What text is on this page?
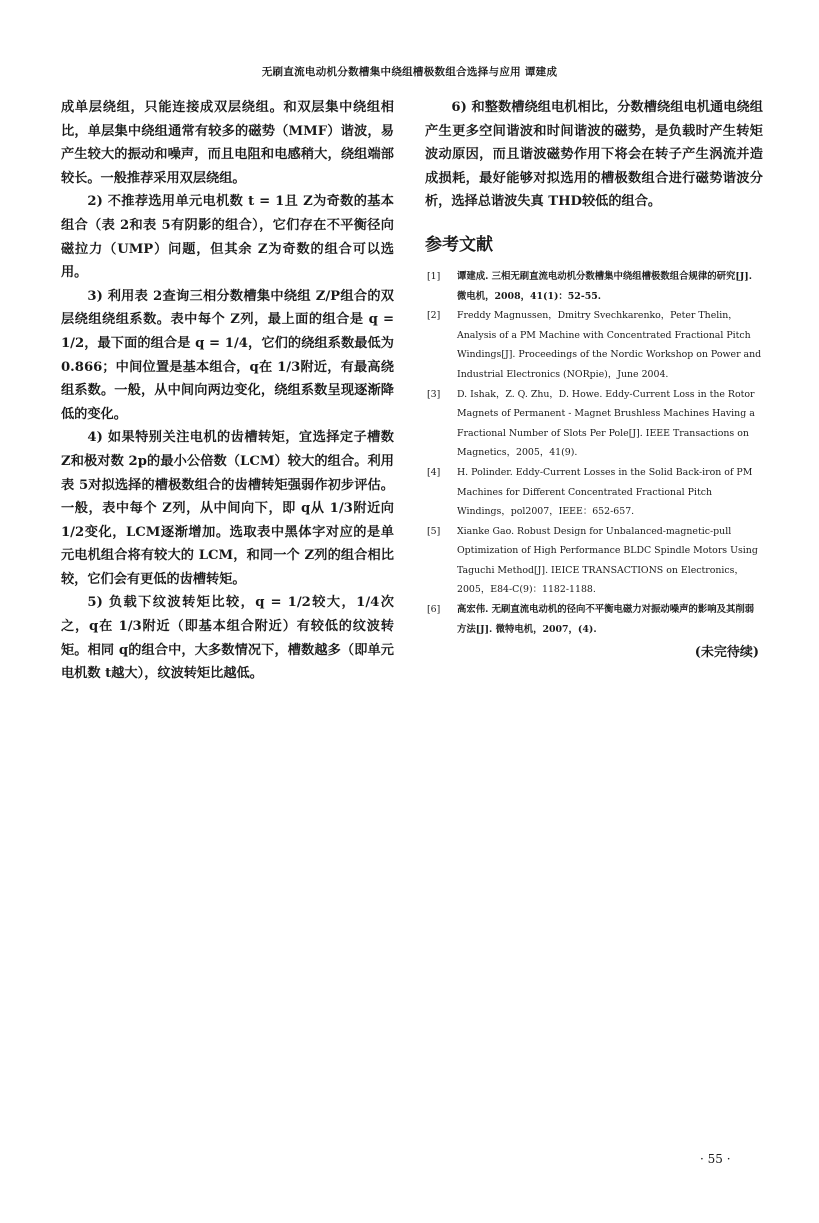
无刷直流电动机分数槽集中绕组槽极数组合选择与应用 谭建成

成单层绕组，只能连接成双层绕组。和双层集中绕组相比，单层集中绕组通常有较多的磁势（MMF）谐波，易产生较大的振动和噪声，而且电阻和电感稍大，绕组端部较长。一般推荐采用双层绕组。

2) 不推荐选用单元电机数 t = 1且 Z为奇数的基本组合（表 2和表 5有阴影的组合），它们存在不平衡径向磁拉力（UMP）问题，但其余 Z为奇数的组合可以选用。

3) 利用表 2查询三相分数槽集中绕组 Z/P组合的双层绕组绕组系数。表中每个 Z列，最上面的组合是 q = 1/2，最下面的组合是 q = 1/4，它们的绕组系数最低为 0.866；中间位置是基本组合，q在 1/3附近，有最高绕组系数。一般，从中间向两边变化，绕组系数呈现逐渐降低的变化。

4) 如果特别关注电机的齿槽转矩，宜选择定子槽数 Z和极对数 2p的最小公倍数（LCM）较大的组合。利用表 5对拟选择的槽极数组合的齿槽转矩强弱作初步评估。一般，表中每个 Z列，从中间向下，即 q从 1/3附近向 1/2变化，LCM逐渐增加。选取表中黑体字对应的是单元电机组合将有较大的 LCM，和同一个 Z列的组合相比较，它们会有更低的齿槽转矩。

5) 负载下纹波转矩比较，q = 1/2较大，1/4次之，q在 1/3附近（即基本组合附近）有较低的纹波转矩。相同 q的组合中，大多数情况下，槽数越多（即单元电机数 t越大），纹波转矩比越低。

6) 和整数槽绕组电机相比，分数槽绕组电机通电绕组产生更多空间谐波和时间谐波的磁势，是负载时产生转矩波动原因，而且谐波磁势作用下将会在转子产生涡流并造成损耗，最好能够对拟选用的槽极数组合进行磁势谐波分析，选择总谐波失真 THD较低的组合。

参考文献

[1] 谭建成. 三相无刷直流电动机分数槽集中绕组槽极数组合规律的研究[J]. 微电机，2008，41(1)：52-55.

[2] Freddy Magnussen，Dmitry Svechkarenko，Peter Thelin，Analysis of a PM Machine with Concentrated Fractional Pitch Windings[J]. Proceedings of the Nordic Workshop on Power and Industrial Electronics (NORpie)，June 2004.

[3] D. Ishak，Z. Q. Zhu，D. Howe. Eddy-Current Loss in the Rotor Magnets of Permanent - Magnet Brushless Machines Having a Fractional Number of Slots Per Pole[J]. IEEE Transactions on Magnetics，2005，41(9).

[4] H. Polinder. Eddy-Current Losses in the Solid Back-iron of PM Machines for Different Concentrated Fractional Pitch Windings，pol2007，IEEE：652-657.

[5] Xianke Gao. Robust Design for Unbalanced-magnetic-pull Optimization of High Performance BLDC Spindle Motors Using Taguchi Method[J]. IEICE TRANSACTIONS on Electronics，2005，E84-C(9)：1182-1188.

[6] 高宏伟. 无刷直流电动机的径向不平衡电磁力对振动噪声的影响及其削弱方法[J]. 微特电机，2007，(4).

(未完待续)
· 55 ·
